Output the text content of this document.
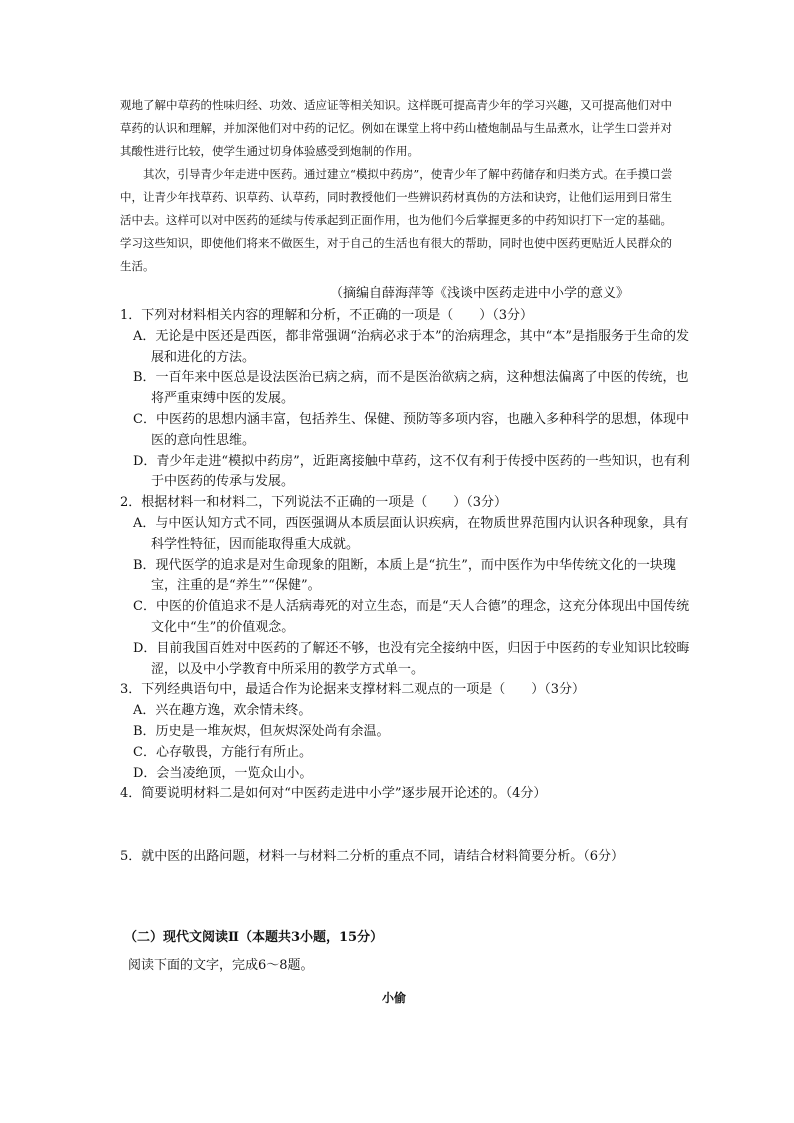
观地了解中草药的性味归经、功效、适应证等相关知识。这样既可提高青少年的学习兴趣，又可提高他们对中草药的认识和理解，并加深他们对中药的记忆。例如在课堂上将中药山楂炮制品与生品煮水，让学生口尝并对其酸性进行比较，使学生通过切身体验感受到炮制的作用。

其次，引导青少年走进中医药。通过建立“模拟中药房”，使青少年了解中药储存和归类方式。在手摸口尝中，让青少年找草药、识草药、认草药，同时教授他们一些辨识药材真伪的方法和诀窍，让他们运用到日常生活中去。这样可以对中医药的延续与传承起到正面作用，也为他们今后掌握更多的中药知识打下一定的基础。学习这些知识，即使他们将来不做医生，对于自己的生活也有很大的帮助，同时也使中医药更贴近人民群众的生活。

（摘编自薛海萍等《浅谈中医药走进中小学的意义》

1．下列对材料相关内容的理解和分析，不正确的一项是（　　）（3分）

A．无论是中医还是西医，都非常强调“治病必求于本”的治病理念，其中“本”是指服务于生命的发展和进化的方法。

B．一百年来中医总是设法医治已病之病，而不是医治欲病之病，这种想法偏离了中医的传统，也将严重束缚中医的发展。

C．中医药的思想内涵丰富，包括养生、保健、预防等多项内容，也融入多种科学的思想，体现中医的意向性思维。

D．青少年走进“模拟中药房”，近距离接触中草药，这不仅有利于传授中医药的一些知识，也有利于中医药的传承与发展。

2．根据材料一和材料二，下列说法不正确的一项是（　　）（3分）

A．与中医认知方式不同，西医强调从本质层面认识疾病，在物质世界范围内认识各种现象，具有科学性特征，因而能取得重大成就。

B．现代医学的追求是对生命现象的阻断，本质上是“抗生”，而中医作为中华传统文化的一块瑰宝，注重的是“养生”“保健”。

C．中医的价值追求不是人活病毒死的对立生态，而是“天人合德”的理念，这充分体现出中国传统文化中“生”的价值观念。

D．目前我国百姓对中医药的了解还不够，也没有完全接纳中医，归因于中医药的专业知识比较晦涩，以及中小学教育中所采用的教学方式单一。

3．下列经典语句中，最适合作为论据来支撑材料二观点的一项是（　　）（3分）

A．兴在趣方逸，欢余情未终。

B．历史是一堆灰烬，但灰烬深处尚有余温。

C．心存敬畏，方能行有所止。

D．会当凌绝顶，一览众山小。

4．简要说明材料二是如何对“中医药走进中小学”逐步展开论述的。（4分）

5．就中医的出路问题，材料一与材料二分析的重点不同，请结合材料简要分析。（6分）

（二）现代文阅读Ⅱ（本题共3小题，15分）
阅读下面的文字，完成6～8题。
小偷
